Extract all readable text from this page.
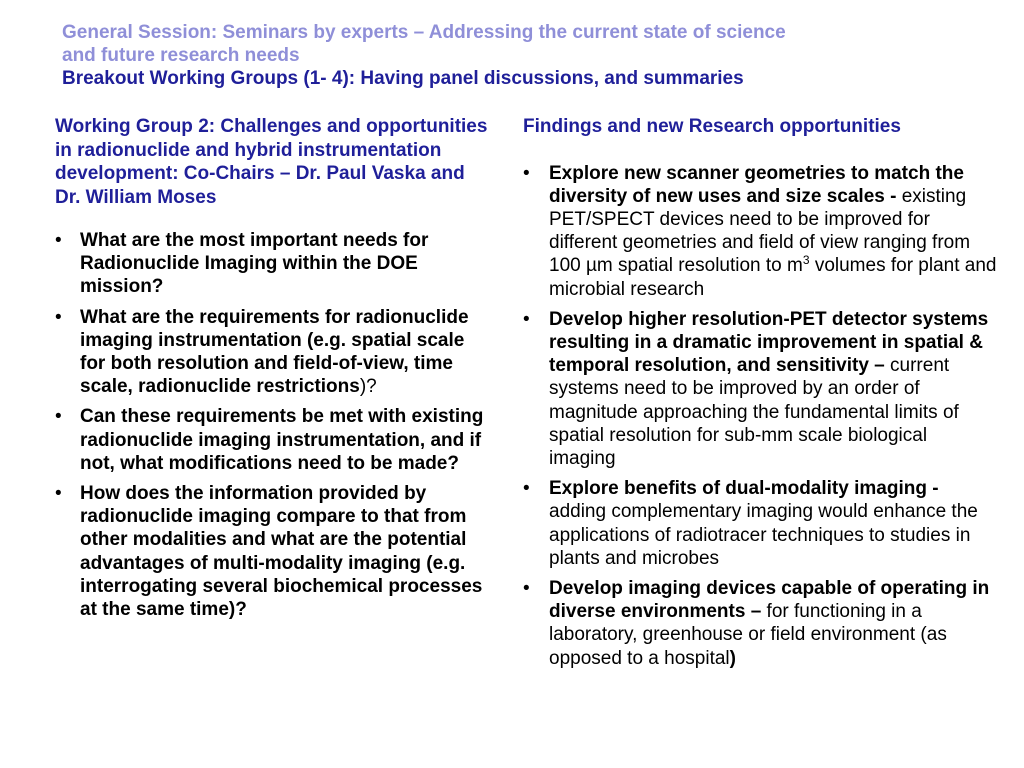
General Session: Seminars by experts – Addressing the current state of science
and future research needs
Breakout Working Groups (1- 4): Having panel discussions, and summaries

Working Group 2: Challenges and opportunities in radionuclide and hybrid instrumentation development: Co-Chairs – Dr. Paul Vaska and Dr. William Moses

• What are the most important needs for Radionuclide Imaging within the DOE mission?
• What are the requirements for radionuclide imaging instrumentation (e.g. spatial scale for both resolution and field-of-view, time scale, radionuclide restrictions)?
• Can these requirements be met with existing radionuclide imaging instrumentation, and if not, what modifications need to be made?
• How does the information provided by radionuclide imaging compare to that from other modalities and what are the potential advantages of multi-modality imaging (e.g. interrogating several biochemical processes at the same time)?

Findings and new Research opportunities

• Explore new scanner geometries to match the diversity of new uses and size scales - existing PET/SPECT devices need to be improved for different geometries and field of view ranging from 100 µm spatial resolution to $m^3$ volumes for plant and microbial research
• Develop higher resolution-PET detector systems resulting in a dramatic improvement in spatial & temporal resolution, and sensitivity – current systems need to be improved by an order of magnitude approaching the fundamental limits of spatial resolution for sub-mm scale biological imaging
• Explore benefits of dual-modality imaging - adding complementary imaging would enhance the applications of radiotracer techniques to studies in plants and microbes
• Develop imaging devices capable of operating in diverse environments – for functioning in a laboratory, greenhouse or field environment (as opposed to a hospital)
